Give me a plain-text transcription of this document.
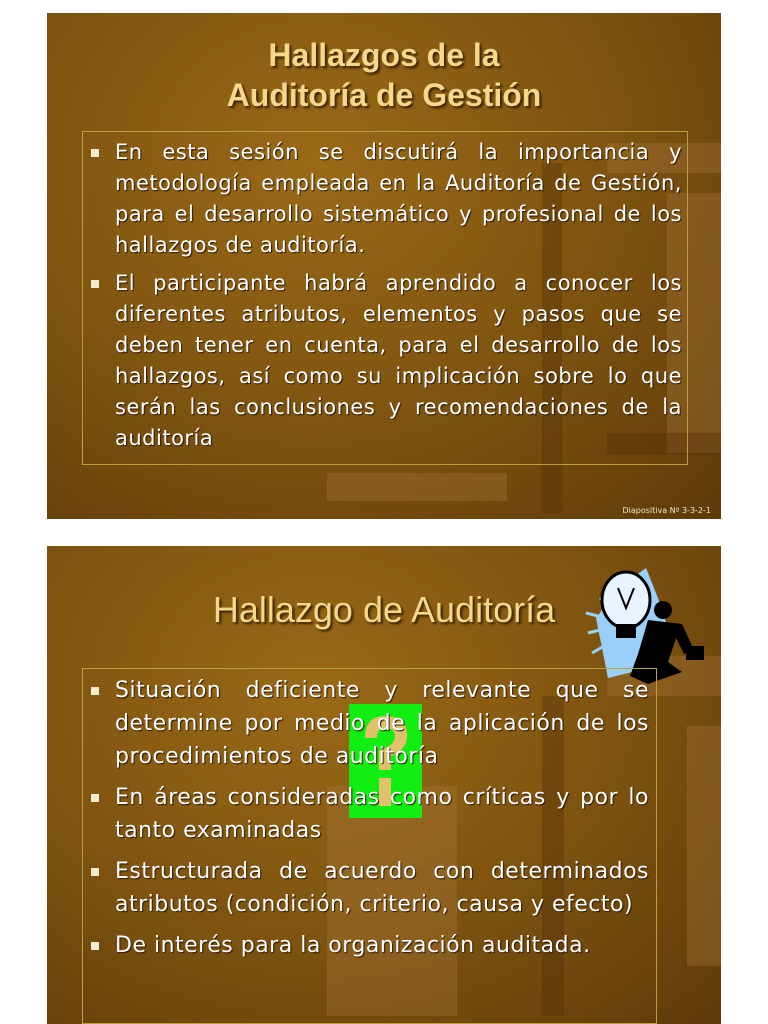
Hallazgos de la
Auditoría de Gestión
En esta sesión se discutirá la importancia y metodología empleada en la Auditoría de Gestión, para el desarrollo sistemático y profesional de los hallazgos de auditoría.
El participante habrá aprendido a conocer los diferentes atributos, elementos y pasos que se deben tener en cuenta, para el desarrollo de los hallazgos, así como su implicación sobre lo que serán las conclusiones y recomendaciones de la auditoría
Diapositiva Nº 3-3-2-1
Hallazgo de Auditoría
Situación deficiente y relevante que se determine por medio de la aplicación de los procedimientos de auditoría
En áreas consideradas como críticas y por lo tanto examinadas
Estructurada de acuerdo con determinados atributos (condición, criterio, causa y efecto)
De interés para la organización auditada.
